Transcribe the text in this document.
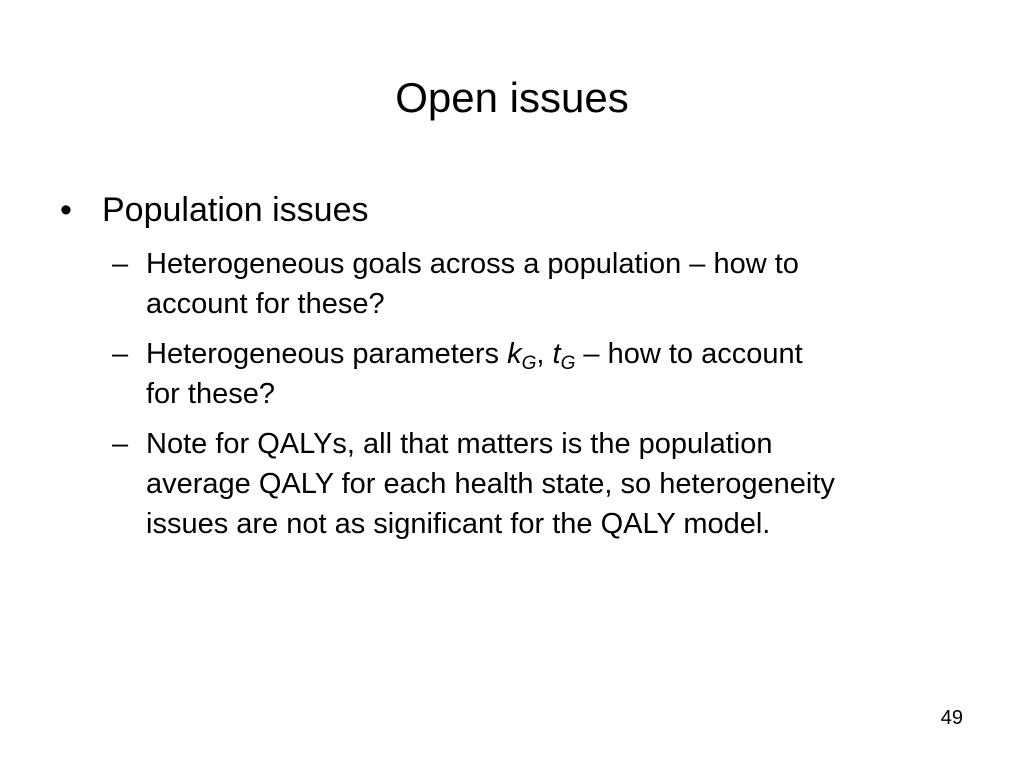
Open issues
• Population issues
– Heterogeneous goals across a population – how to
account for these?
– Heterogeneous parameters $k_G$, $t_G$ – how to account
for these?
– Note for QALYs, all that matters is the population
average QALY for each health state, so heterogeneity
issues are not as significant for the QALY model.
49
